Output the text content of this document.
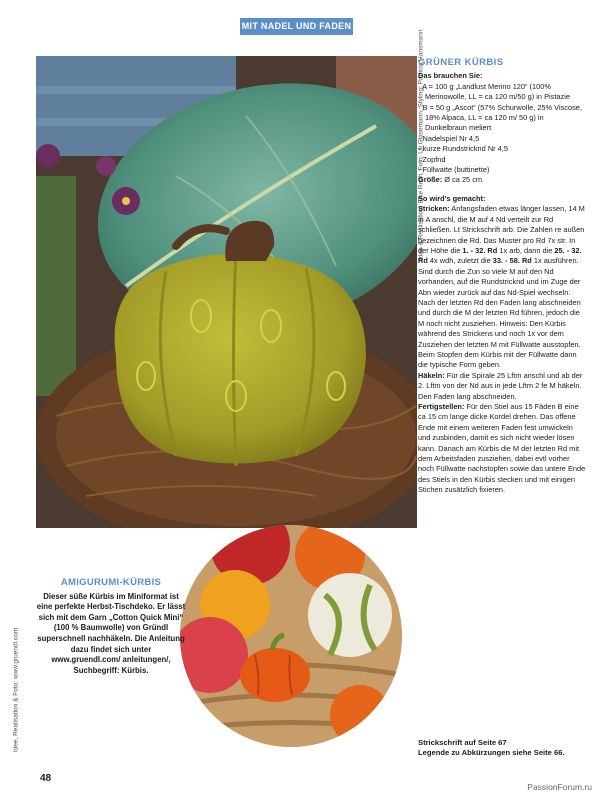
MIT NADEL UND FADEN
Idee & Realisation: Elke Reith, Foto: Uli Glasemann, Styling: Patricia Hansmann
Idee, Realisation & Foto: www.gruendl.com
GRÜNER KÜRBIS
Das brauchen Sie:
· A = 100 g „Landlust Merino 120“ (100% Merinowolle, LL = ca 120 m/50 g) in Pistazie
· B = 50 g „Ascot“ (57% Schurwolle, 25% Viscose, 18% Alpaca, LL = ca 120 m/ 50 g) in Dunkelbraun meliert
· Nadelspiel Nr 4,5
· kurze Rundstricknd Nr 4,5
· Zopfnd
· Füllwatte (buttinette)

Größe: Ø ca 25 cm

So wird's gemacht:

Stricken: Anfangsfaden etwas länger lassen, 14 M in A anschl, die M auf 4 Nd verteilt zur Rd schließen. Lt Strickschrift arb. Die Zahlen re außen bezeichnen die Rd. Das Muster pro Rd 7x str. In der Höhe die 1. - 32. Rd 1x arb, dann die 25. - 32. Rd 4x wdh, zuletzt die 33. - 58. Rd 1x ausführen. Sind durch die Zun so viele M auf den Nd vorhanden, auf die Rundstricknd und im Zuge der Abn wieder zurück auf das Nd-Spiel wechseln.

Nach der letzten Rd den Faden lang abschneiden und durch die M der letzten Rd führen, jedoch die M noch nicht zusziehen. Hinweis: Den Kürbis während des Strickens und noch 1x vor dem Zusziehen der letzten M mit Füllwatte ausstopfen. Beim Stopfen dem Kürbis mit der Füllwatte dann die typische Form geben.

Häkeln: Für die Spirale 25 Lftm anschl und ab der 2. Lftm von der Nd aus in jede Lftm 2 fe M häkeln. Den Faden lang abschneiden.

Fertigstellen: Für den Stiel aus 15 Fäden B eine ca 15 cm lange dicke Kordel drehen. Das offene Ende mit einem weiteren Faden fest umwickeln und zusbinden, damit es sich nicht wieder lösen kann. Danach am Kürbis die M der letzten Rd mit dem Arbeitsfaden zusziehen, dabei evtl vorher noch Füllwatte nachstopfen sowie das untere Ende des Stiels in den Kürbis stecken und mit einigen Stichen zusätzlich fixieren.

Strickschrift auf Seite 67
Legende zu Abkürzungen siehe Seite 66.
AMIGURUMI-KÜRBIS
Dieser süße Kürbis im Miniformat ist eine perfekte Herbst-Tischdeko. Er lässt sich mit dem Garn „Cotton Quick Mini“ (100 % Baumwolle) von Gründl superschnell nachhäkeln. Die Anleitung dazu findet sich unter www.gruendl.com/ anleitungen/, Suchbegriff: Kürbis.
48
PassionForum.ru
